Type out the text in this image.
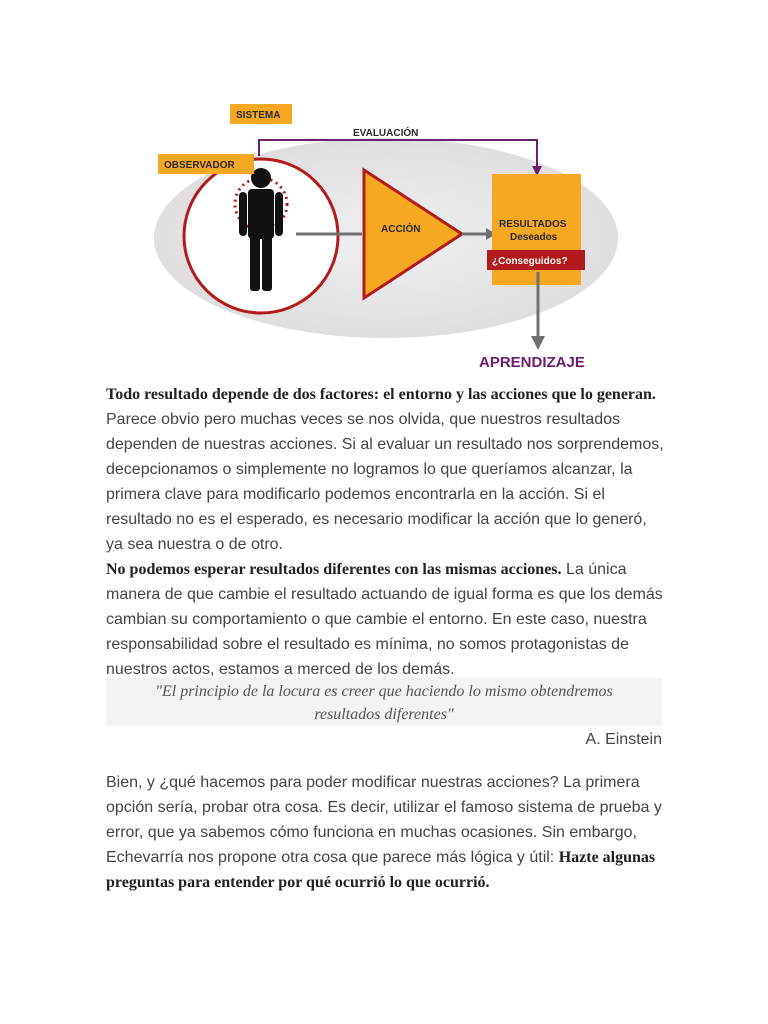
SISTEMA
EVALUACIÓN
OBSERVADOR
ACCIÓN	RESULTADOS
Deseados
¿Conseguidos?
APRENDIZAJE
Todo resultado depende de dos factores: el entorno y las acciones que lo generan. Parece obvio pero muchas veces se nos olvida, que nuestros resultados dependen de nuestras acciones. Si al evaluar un resultado nos sorprendemos, decepcionamos o simplemente no logramos lo que queríamos alcanzar, la primera clave para modificarlo podemos encontrarla en la acción. Si el resultado no es el esperado, es necesario modificar la acción que lo generó, ya sea nuestra o de otro.
No podemos esperar resultados diferentes con las mismas acciones. La única manera de que cambie el resultado actuando de igual forma es que los demás cambian su comportamiento o que cambie el entorno. En este caso, nuestra responsabilidad sobre el resultado es mínima, no somos protagonistas de nuestros actos, estamos a merced de los demás.
"El principio de la locura es creer que haciendo lo mismo obtendremos
resultados diferentes"
A. Einstein
Bien, y ¿qué hacemos para poder modificar nuestras acciones? La primera opción sería, probar otra cosa. Es decir, utilizar el famoso sistema de prueba y error, que ya sabemos cómo funciona en muchas ocasiones. Sin embargo, Echevarría nos propone otra cosa que parece más lógica y útil: Hazte algunas preguntas para entender por qué ocurrió lo que ocurrió.
